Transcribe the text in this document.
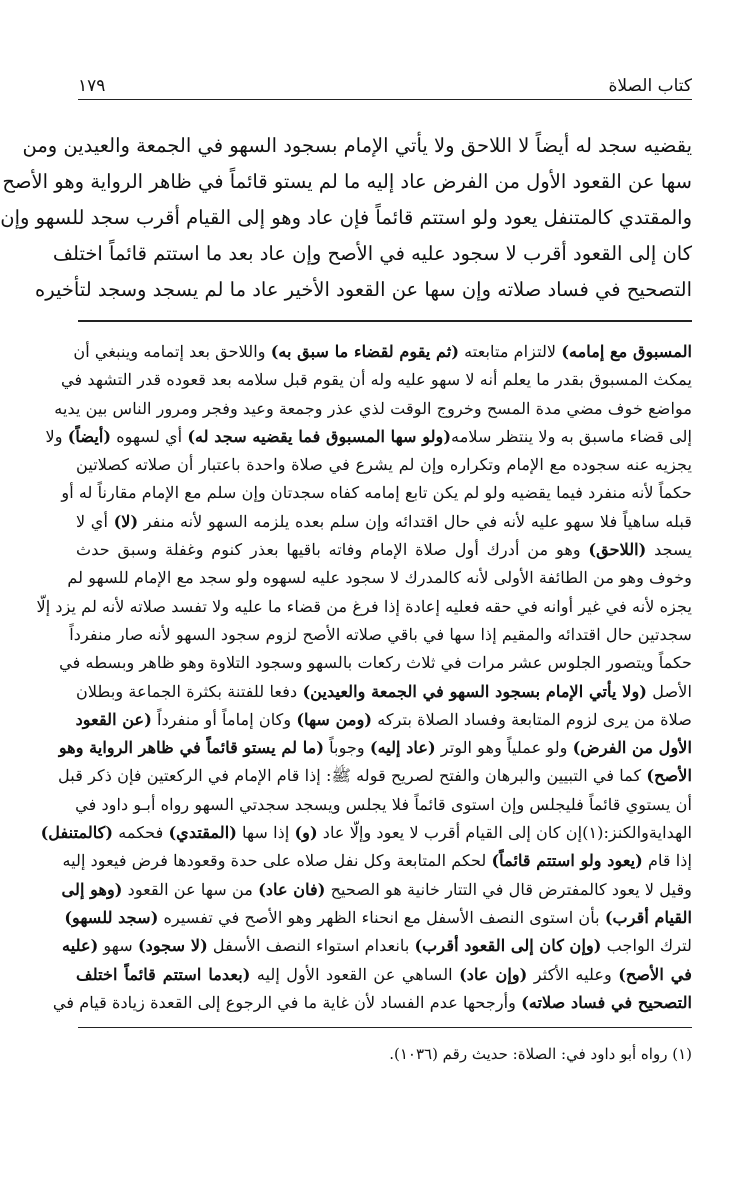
كتاب الصلاة
١٧٩

يقضيه سجد له أيضاً لا اللاحق ولا يأتي الإمام بسجود السهو في الجمعة والعيدين ومن

سها عن القعود الأول من الفرض عاد إليه ما لم يستو قائماً في ظاهر الرواية وهو الأصح

والمقتدي كالمتنفل يعود ولو استتم قائماً فإن عاد وهو إلى القيام أقرب سجد للسهو وإن

كان إلى القعود أقرب لا سجود عليه في الأصح وإن عاد بعد ما استتم قائماً اختلف

التصحيح في فساد صلاته وإن سها عن القعود الأخير عاد ما لم يسجد وسجد لتأخيره

المسبوق مع إمامه) لالتزام متابعته (ثم يقوم لقضاء ما سبق به) واللاحق بعد إتمامه وينبغي أن

يمكث المسبوق بقدر ما يعلم أنه لا سهو عليه وله أن يقوم قبل سلامه بعد قعوده قدر التشهد في

مواضع خوف مضي مدة المسح وخروج الوقت لذي عذر وجمعة وعيد وفجر ومرور الناس بين يديه

إلى قضاء ماسبق به ولا ينتظر سلامه(ولو سها المسبوق فما يقضيه سجد له) أي لسهوه (أيضاً) ولا

يجزيه عنه سجوده مع الإمام وتكراره وإن لم يشرع في صلاة واحدة باعتبار أن صلاته كصلاتين

حكماً لأنه منفرد فيما يقضيه ولو لم يكن تابع إمامه كفاه سجدتان وإن سلم مع الإمام مقارناً له أو

قبله ساهياً فلا سهو عليه لأنه في حال اقتدائه وإن سلم بعده يلزمه السهو لأنه منفر (لا) أي لا

يسجد (اللاحق) وهو من أدرك أول صلاة الإمام وفاته باقيها بعذر كنوم وغفلة وسبق حدث

وخوف وهو من الطائفة الأولى لأنه كالمدرك لا سجود عليه لسهوه ولو سجد مع الإمام للسهو لم

يجزه لأنه في غير أوانه في حقه فعليه إعادة إذا فرغ من قضاء ما عليه ولا تفسد صلاته لأنه لم يزد إلّا

سجدتين حال اقتدائه والمقيم إذا سها في باقي صلاته الأصح لزوم سجود السهو لأنه صار منفرداً

حكماً ويتصور الجلوس عشر مرات في ثلاث ركعات بالسهو وسجود التلاوة وهو ظاهر وبسطه في

الأصل (ولا يأتي الإمام بسجود السهو في الجمعة والعيدين) دفعا للفتنة بكثرة الجماعة وبطلان

صلاة من يرى لزوم المتابعة وفساد الصلاة بتركه (ومن سها) وكان إماماً أو منفرداً (عن القعود

الأول من الفرض) ولو عملياً وهو الوتر (عاد إليه) وجوباً (ما لم يستو قائماً في ظاهر الرواية وهو

الأصح) كما في التبيين والبرهان والفتح لصريح قوله ﷺ: إذا قام الإمام في الركعتين فإن ذكر قبل

أن يستوي قائماً فليجلس وإن استوى قائماً فلا يجلس ويسجد سجدتي السهو رواه أبـو داود في

الهدايةوالكنز:(١)إن كان إلى القيام أقرب لا يعود وإلّا عاد (و) إذا سها (المقتدي) فحكمه (كالمتنفل)

إذا قام (يعود ولو استتم قائماً) لحكم المتابعة وكل نفل صلاه على حدة وقعودها فرض فيعود إليه

وقيل لا يعود كالمفترض قال في التتار خانية هو الصحيح (فان عاد) من سها عن القعود (وهو إلى

القيام أقرب) بأن استوى النصف الأسفل مع انحناء الظهر وهو الأصح في تفسيره (سجد للسهو)

لترك الواجب (وإن كان إلى القعود أقرب) بانعدام استواء النصف الأسفل (لا سجود) سهو (عليه

في الأصح) وعليه الأكثر (وإن عاد) الساهي عن القعود الأول إليه (بعدما استتم قائماً اختلف

التصحيح في فساد صلاته) وأرجحها عدم الفساد لأن غاية ما في الرجوع إلى القعدة زيادة قيام في

(١) رواه أبو داود في: الصلاة: حديث رقم (١٠٣٦).
